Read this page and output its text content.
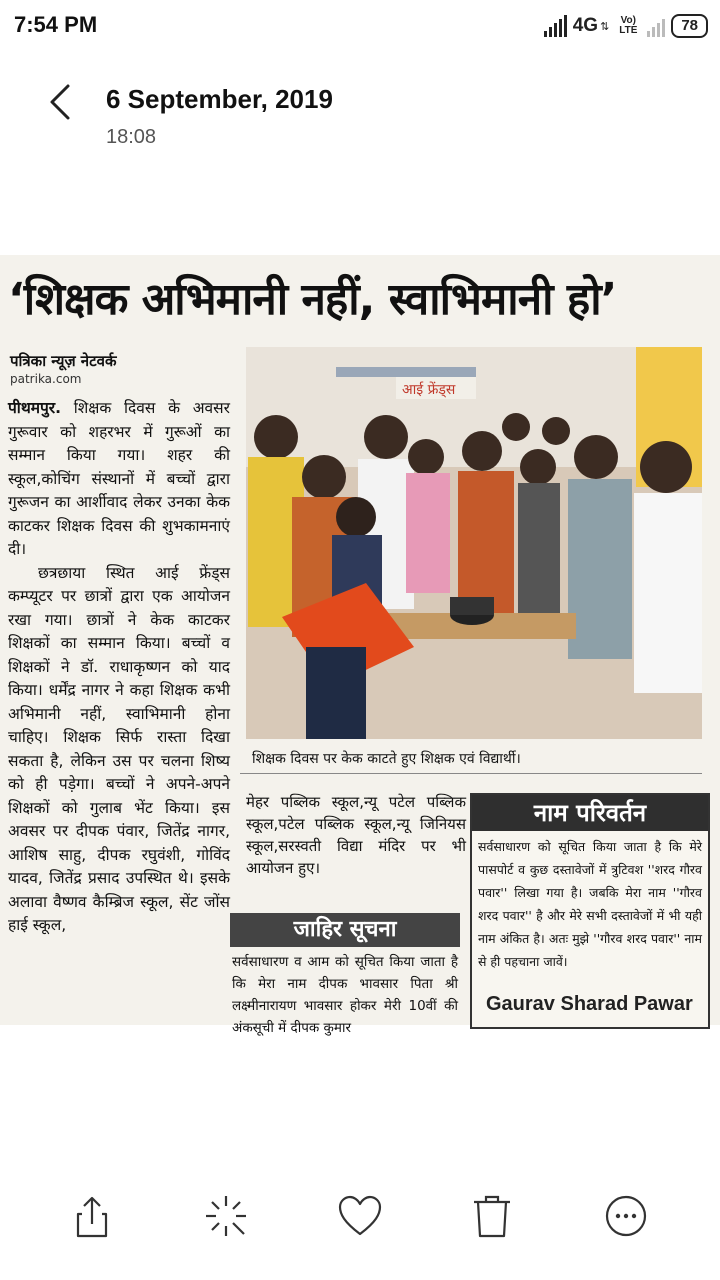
7:54 PM	4G ⇅	Vo) LTE	78
6 September, 2019
18:08
‘शिक्षक अभिमानी नहीं, स्वाभिमानी हो’
पत्रिका न्यूज़ नेटवर्क
patrika.com
पीथमपुर. शिक्षक दिवस के अवसर गुरूवार को शहरभर में गुरूओं का सम्मान किया गया। शहर की स्कूल,कोचिंग संस्थानों में बच्चों द्वारा गुरूजन का आर्शीवाद लेकर उनका केक काटकर शिक्षक दिवस की शुभकामनाएं दी।
छत्रछाया स्थित आई फ्रेंड्स कम्प्यूटर पर छात्रों द्वारा एक आयोजन रखा गया। छात्रों ने केक काटकर शिक्षकों का सम्मान किया। बच्चों व शिक्षकों ने डॉ. राधाकृष्णन को याद किया। धर्मेंद्र नागर ने कहा शिक्षक कभी अभिमानी नहीं, स्वाभिमानी होना चाहिए। शिक्षक सिर्फ रास्ता दिखा सकता है, लेकिन उस पर चलना शिष्य को ही पड़ेगा। बच्चों ने अपने-अपने शिक्षकों को गुलाब भेंट किया। इस अवसर पर दीपक पंवार, जितेंद्र नागर, आशिष साहु, दीपक रघुवंशी, गोविंद यादव, जितेंद्र प्रसाद उपस्थित थे। इसके अलावा वैष्णव कैम्ब्रिज स्कूल, सेंट जोंस हाई स्कूल,
आई फ्रेंड्स
शिक्षक दिवस पर केक काटते हुए शिक्षक एवं विद्यार्थी।
मेहर पब्लिक स्कूल,न्यू पटेल पब्लिक स्कूल,पटेल पब्लिक स्कूल,न्यू जिनियस स्कूल,सरस्वती विद्या मंदिर पर भी आयोजन हुए।
जाहिर सूचना
सर्वसाधारण व आम को सूचित किया जाता है कि मेरा नाम दीपक भावसार पिता श्री लक्ष्मीनारायण भावसार होकर मेरी 10वीं की अंकसूची में दीपक कुमार
नाम परिवर्तन
सर्वसाधारण को सूचित किया जाता है कि मेरे पासपोर्ट व कुछ दस्तावेजों में त्रुटिवश ''शरद गौरव पवार'' लिखा गया है। जबकि मेरा नाम ''गौरव शरद पवार'' है और मेरे सभी दस्तावेजों में भी यही नाम अंकित है। अतः मुझे ''गौरव शरद पवार'' नाम से ही पहचाना जावें।
Gaurav Sharad Pawar
